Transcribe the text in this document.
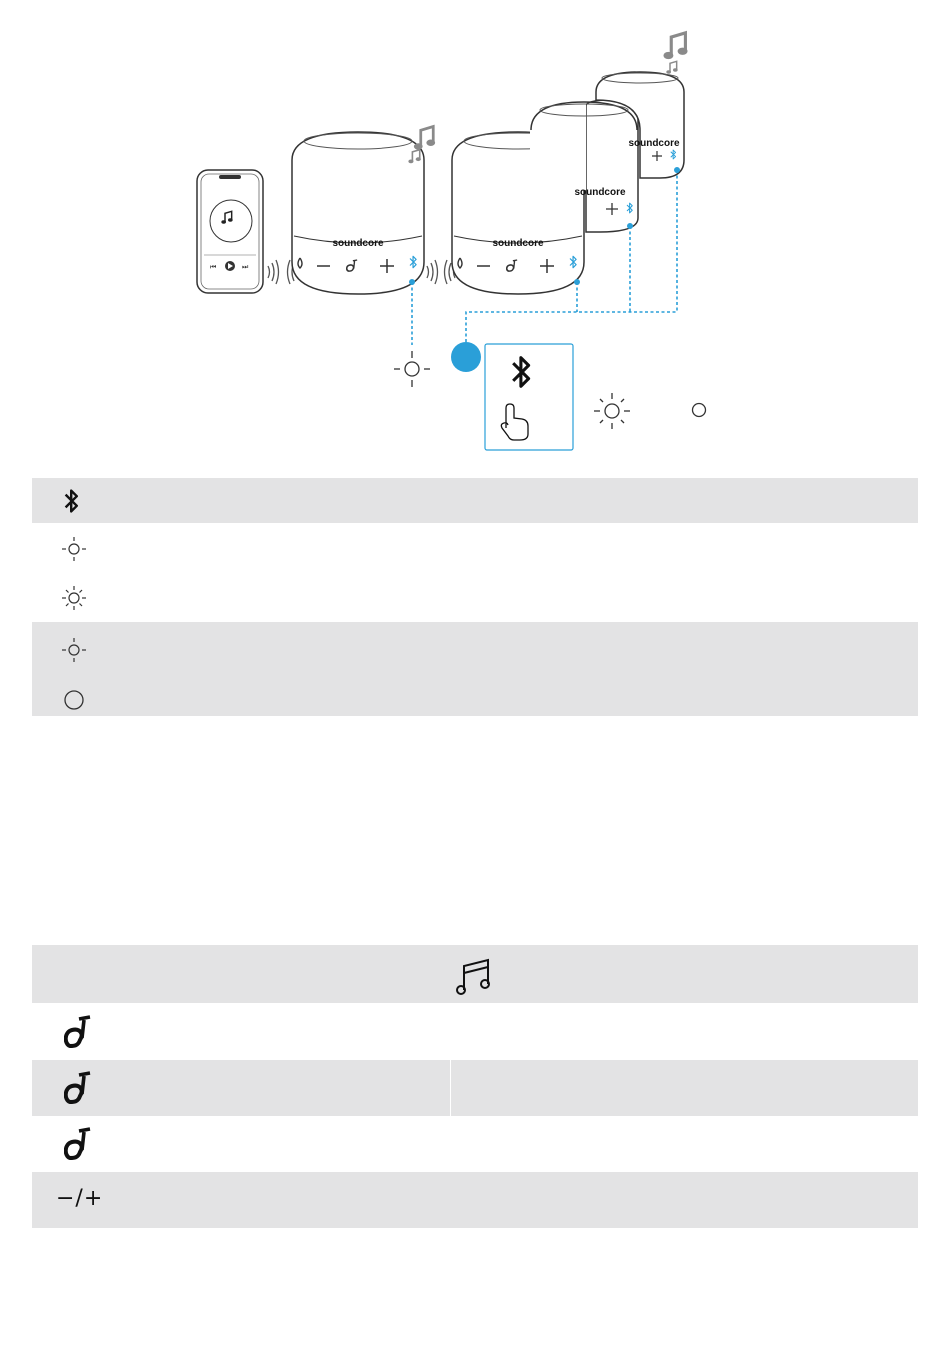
⏮	⏭
soundcore	soundcore
soundcore
soundcore
−/+
